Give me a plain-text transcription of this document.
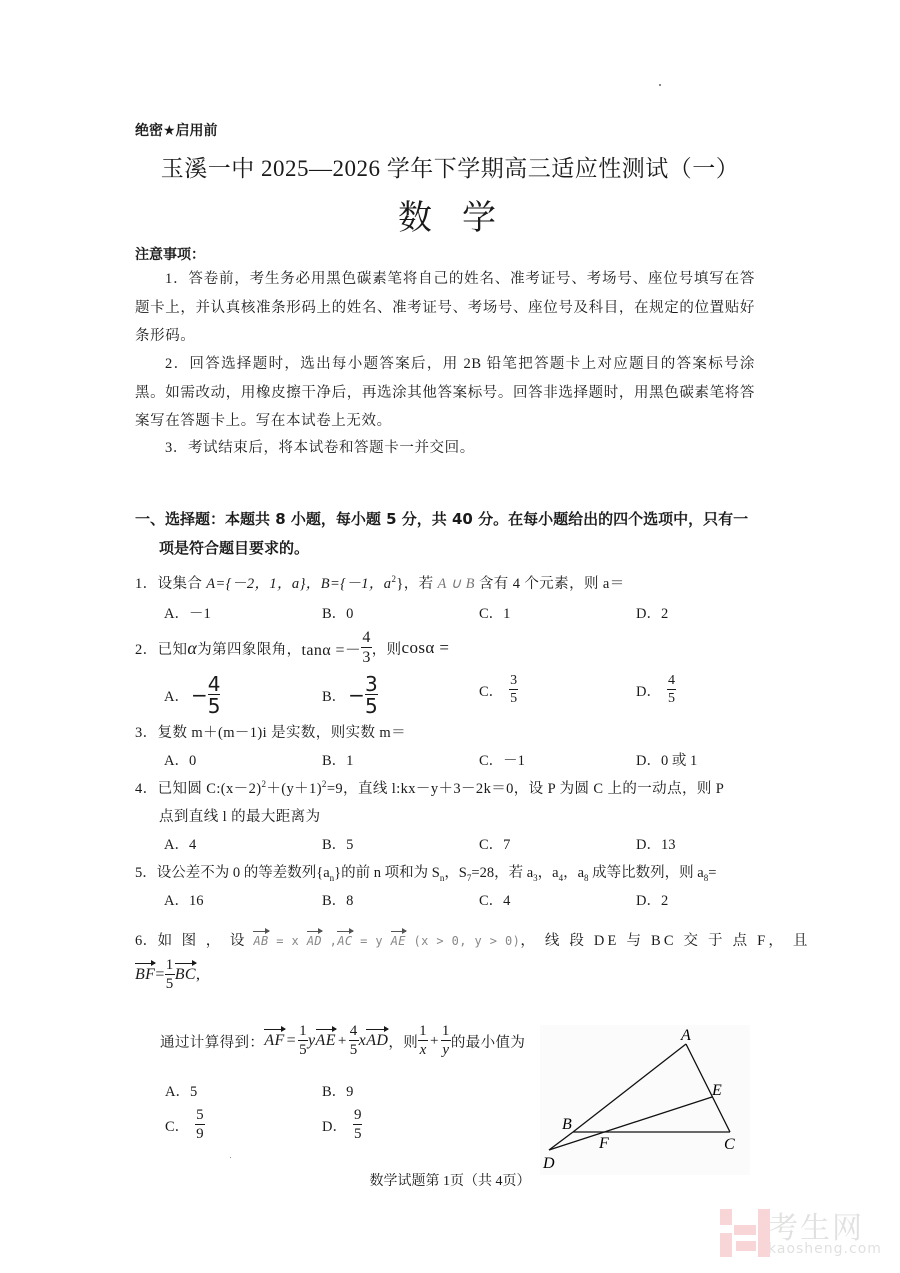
绝密★启用前
玉溪一中 2025—2026 学年下学期高三适应性测试（一）
数学
注意事项：
1．答卷前，考生务必用黑色碳素笔将自己的姓名、准考证号、考场号、座位号填写在答题卡上，并认真核准条形码上的姓名、准考证号、考场号、座位号及科目，在规定的位置贴好条形码。
2．回答选择题时，选出每小题答案后，用 2B 铅笔把答题卡上对应题目的答案标号涂黑。如需改动，用橡皮擦干净后，再选涂其他答案标号。回答非选择题时，用黑色碳素笔将答案写在答题卡上。写在本试卷上无效。
3．考试结束后，将本试卷和答题卡一并交回。
一、选择题：本题共 8 小题，每小题 5 分，共 40 分。在每小题给出的四个选项中，只有一
项是符合题目要求的。
1．设集合 A={－2，1，a}，B={－1，$a^2$}，若 A ∪ B 含有 4 个元素，则 a＝
A．－1	B．0	C．1	D．2
2． 已知 α 为第四象限角， $\tan\alpha =- \frac{4}{3}$ ，则 cosα =
A． − $\frac{4}{5}$	B． − $\frac{3}{5}$	C． $\frac{3}{5}$	D． $\frac{4}{5}$
3．复数 m＋(m－1)i 是实数，则实数 m＝
A．0	B．1	C．－1	D．0 或 1
4．已知圆 $C:(x-2)^2+(y+1)^2=9$，直线 l:kx－y＋3－2k＝0，设 P 为圆 C 上的一动点，则 P
点到直线 l 的最大距离为
A．4	B．5	C．7	D．13
5．设公差不为 0 的等差数列$\{a_n\}$的前 n 项和为 $S_n$，$S_7=28$，若 $a_3$，$a_4$，$a_8$ 成等比数列，则 $a_8=$
A．16	B．8	C．4	D．2
6． 如 图 ， 设 AB = x AD , AC = y AE (x > 0, y > 0) ， 线 段 DE 与 BC 交 于 点 F， 且
BF = $\frac{1}{5}$ BC ,
通过计算得到： AF = $\frac{1}{5}$ y AE + $\frac{4}{5}$ x AD ，则 $\frac{1}{x} + \frac{1}{y}$ 的最小值为
A．5	B．9
C． $\frac{5}{9}$	D． $\frac{9}{5}$
A
E
B
F	C
D
数学试题第 1页（共 4页）
考生网
kaosheng.com
